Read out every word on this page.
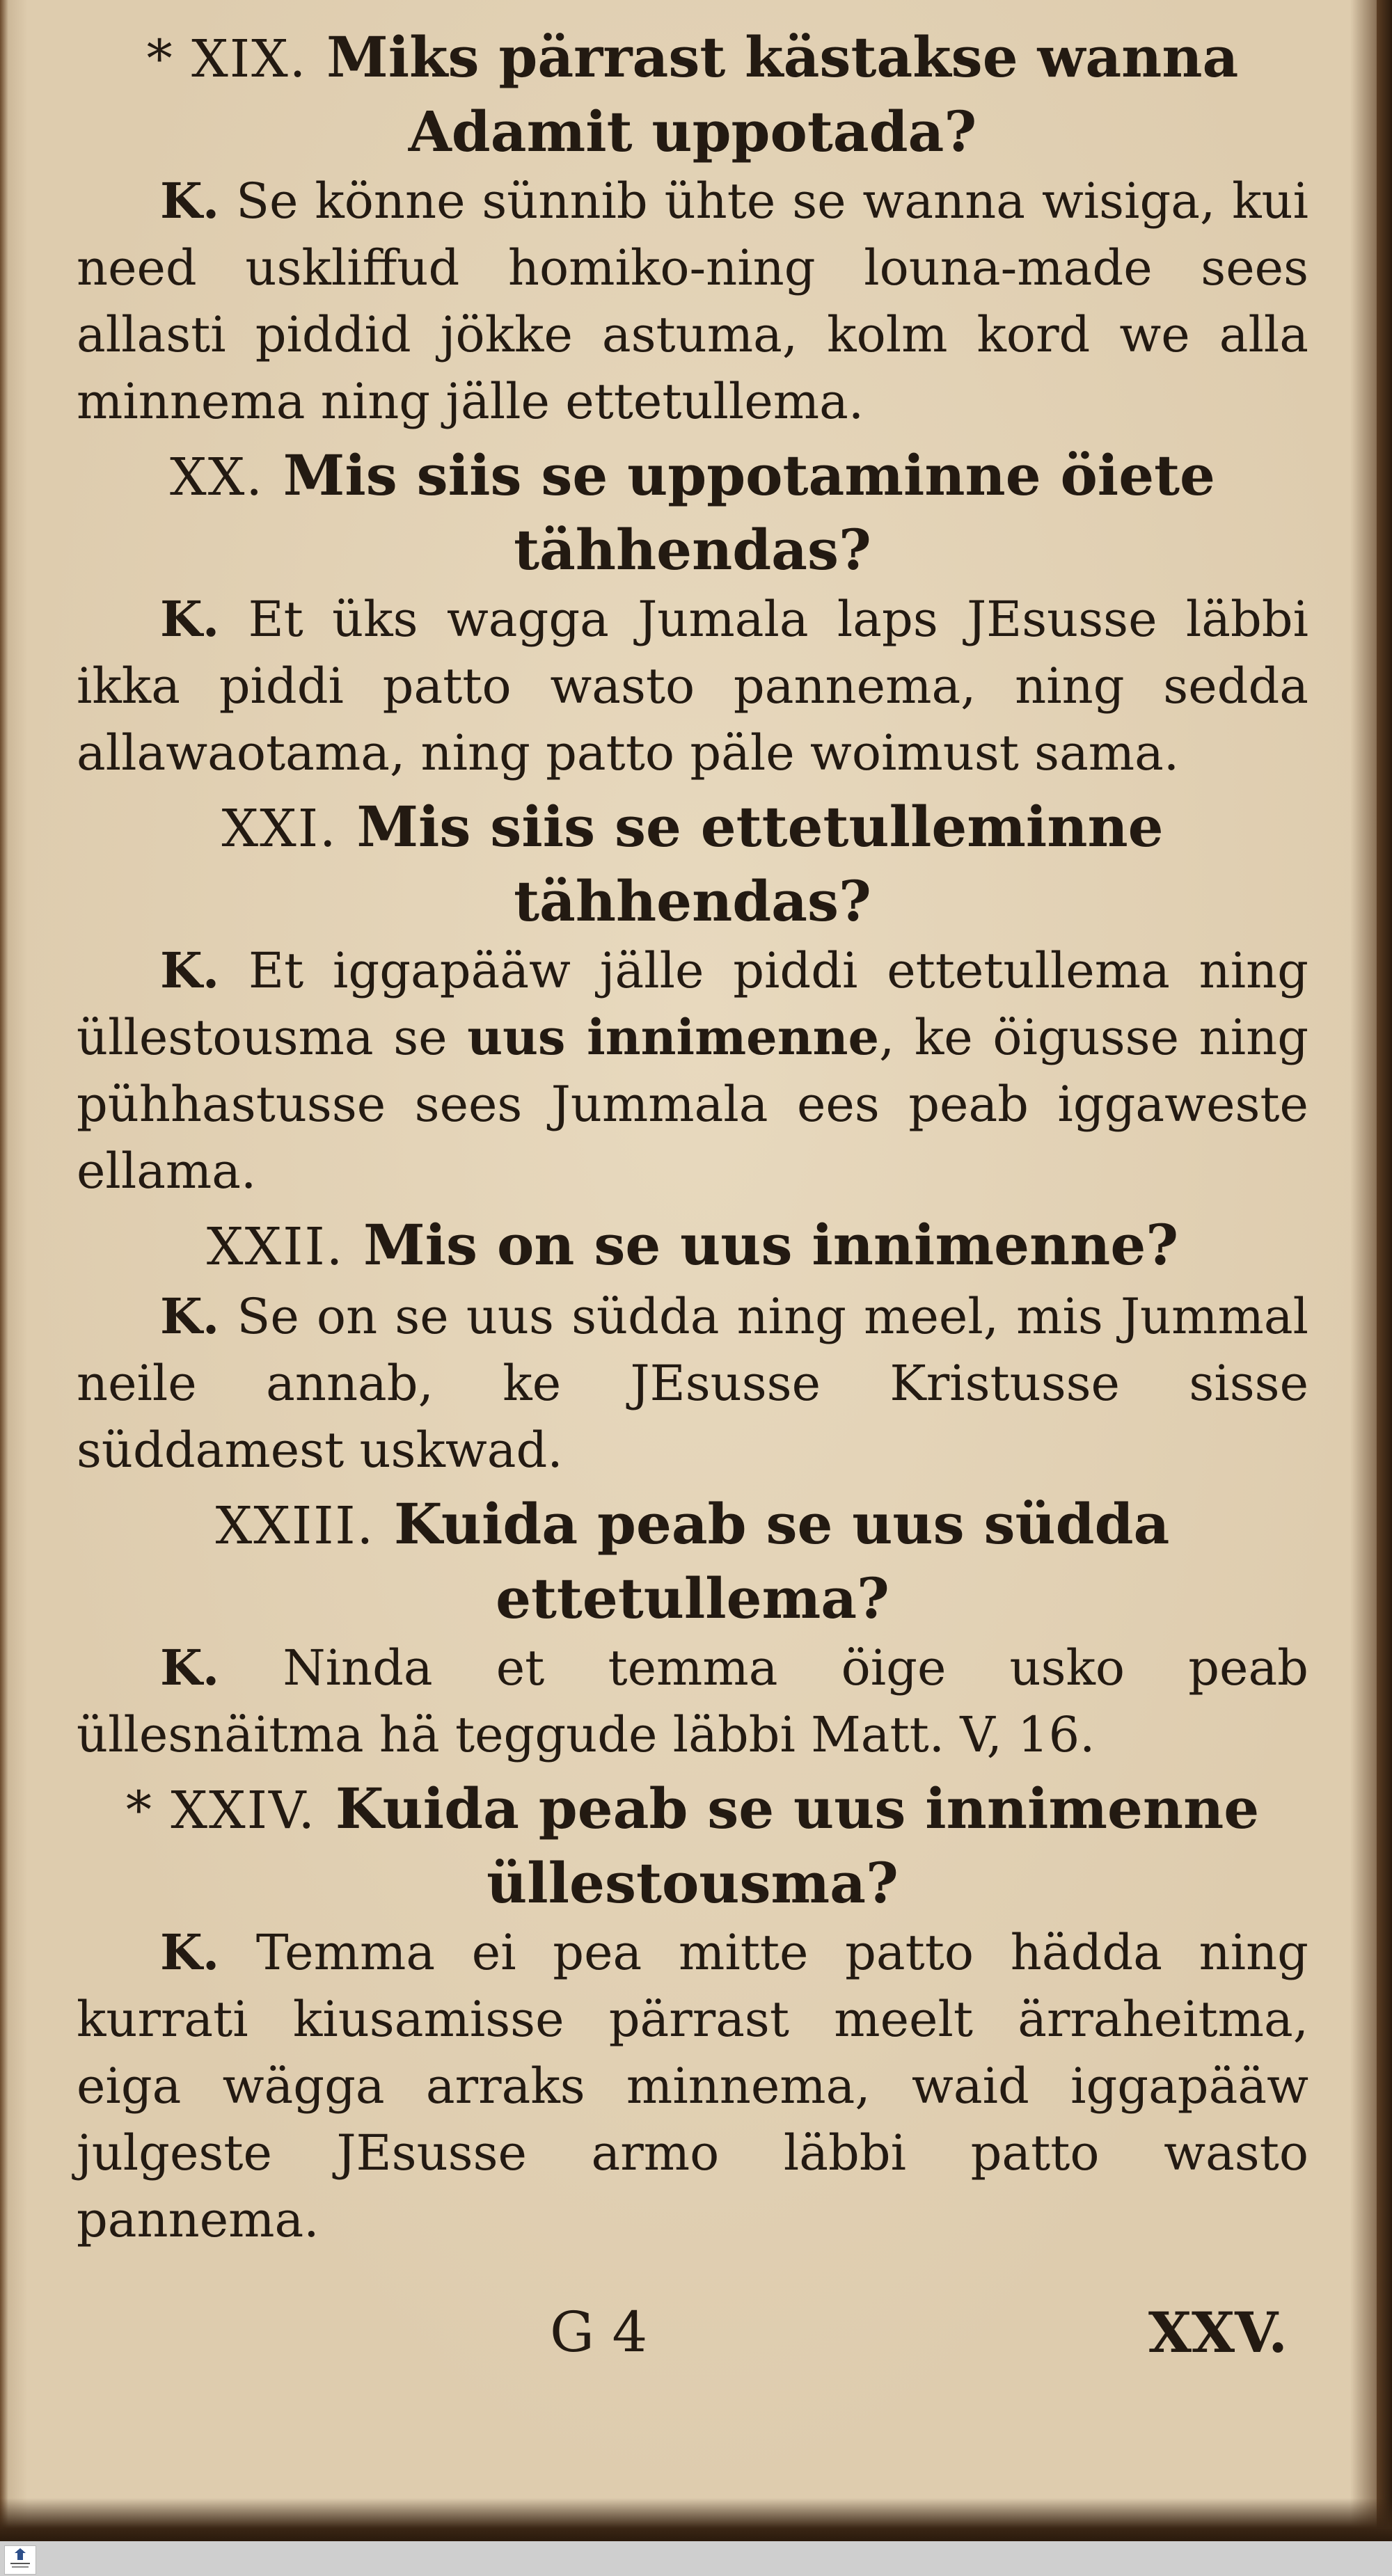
* XIX. Miks pärrast kästakse wanna Adamit uppotada?

K. Se könne sünnib ühte se wanna wisiga, kui need uskliffud homiko-ning louna-made sees allasti piddid jökke astuma, kolm kord we alla minnema ning jälle ettetullema.

XX. Mis siis se uppotaminne öiete tähhendas?

K. Et üks wagga Jumala laps JEsusse läbbi ikka piddi patto wasto pannema, ning sedda allawaotama, ning patto päle woimust sama.

XXI. Mis siis se ettetulleminne tähhendas?

K. Et iggapääw jälle piddi ettetullema ning üllestousma se uus innimenne, ke öigusse ning pühhastusse sees Jummala ees peab iggaweste ellama.

XXII. Mis on se uus innimenne?

K. Se on se uus südda ning meel, mis Jummal neile annab, ke JEsusse Kristusse sisse süddamest uskwad.

XXIII. Kuida peab se uus südda ettetullema?

K. Ninda et temma öige usko peab üllesnäitma hä teggude läbbi Matt. V, 16.

* XXIV. Kuida peab se uus innimenne üllestousma?

K. Temma ei pea mitte patto hädda ning kurrati kiusamisse pärrast meelt ärraheitma, eiga wägga arraks minnema, waid iggapääw julgeste JEsusse armo läbbi patto wasto pannema.

G 4	XXV.
